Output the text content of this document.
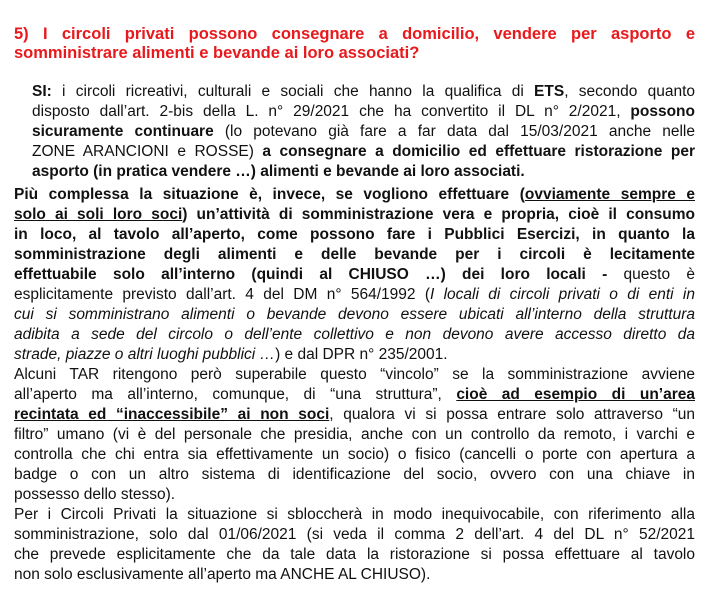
5) I circoli privati possono consegnare a domicilio, vendere per asporto e
somministrare alimenti e bevande ai loro associati?
SI: i circoli ricreativi, culturali e sociali che hanno la qualifica di ETS, secondo quanto
disposto dall’art. 2-bis della L. n° 29/2021 che ha convertito il DL n° 2/2021, possono
sicuramente continuare (lo potevano già fare a far data dal 15/03/2021 anche nelle
ZONE ARANCIONI e ROSSE) a consegnare a domicilio ed effettuare ristorazione per
asporto (in pratica vendere …) alimenti e bevande ai loro associati.
Più complessa la situazione è, invece, se vogliono effettuare (ovviamente sempre e
solo ai soli loro soci) un’attività di somministrazione vera e propria, cioè il consumo
in loco, al tavolo all’aperto, come possono fare i Pubblici Esercizi, in quanto la
somministrazione degli alimenti e delle bevande per i circoli è lecitamente
effettuabile solo all’interno (quindi al CHIUSO …) dei loro locali - questo è
esplicitamente previsto dall’art. 4 del DM n° 564/1992 (I locali di circoli privati o di enti in
cui si somministrano alimenti o bevande devono essere ubicati all’interno della struttura
adibita a sede del circolo o dell’ente collettivo e non devono avere accesso diretto da
strade, piazze o altri luoghi pubblici …) e dal DPR n° 235/2001.
Alcuni TAR ritengono però superabile questo “vincolo” se la somministrazione avviene
all’aperto ma all’interno, comunque, di “una struttura”, cioè ad esempio di un’area
recintata ed “inaccessibile” ai non soci, qualora vi si possa entrare solo attraverso “un
filtro” umano (vi è del personale che presidia, anche con un controllo da remoto, i varchi e
controlla che chi entra sia effettivamente un socio) o fisico (cancelli o porte con apertura a
badge o con un altro sistema di identificazione del socio, ovvero con una chiave in
possesso dello stesso).
Per i Circoli Privati la situazione si sbloccherà in modo inequivocabile, con riferimento alla
somministrazione, solo dal 01/06/2021 (si veda il comma 2 dell’art. 4 del DL n° 52/2021
che prevede esplicitamente che da tale data la ristorazione si possa effettuare al tavolo
non solo esclusivamente all’aperto ma ANCHE AL CHIUSO).
